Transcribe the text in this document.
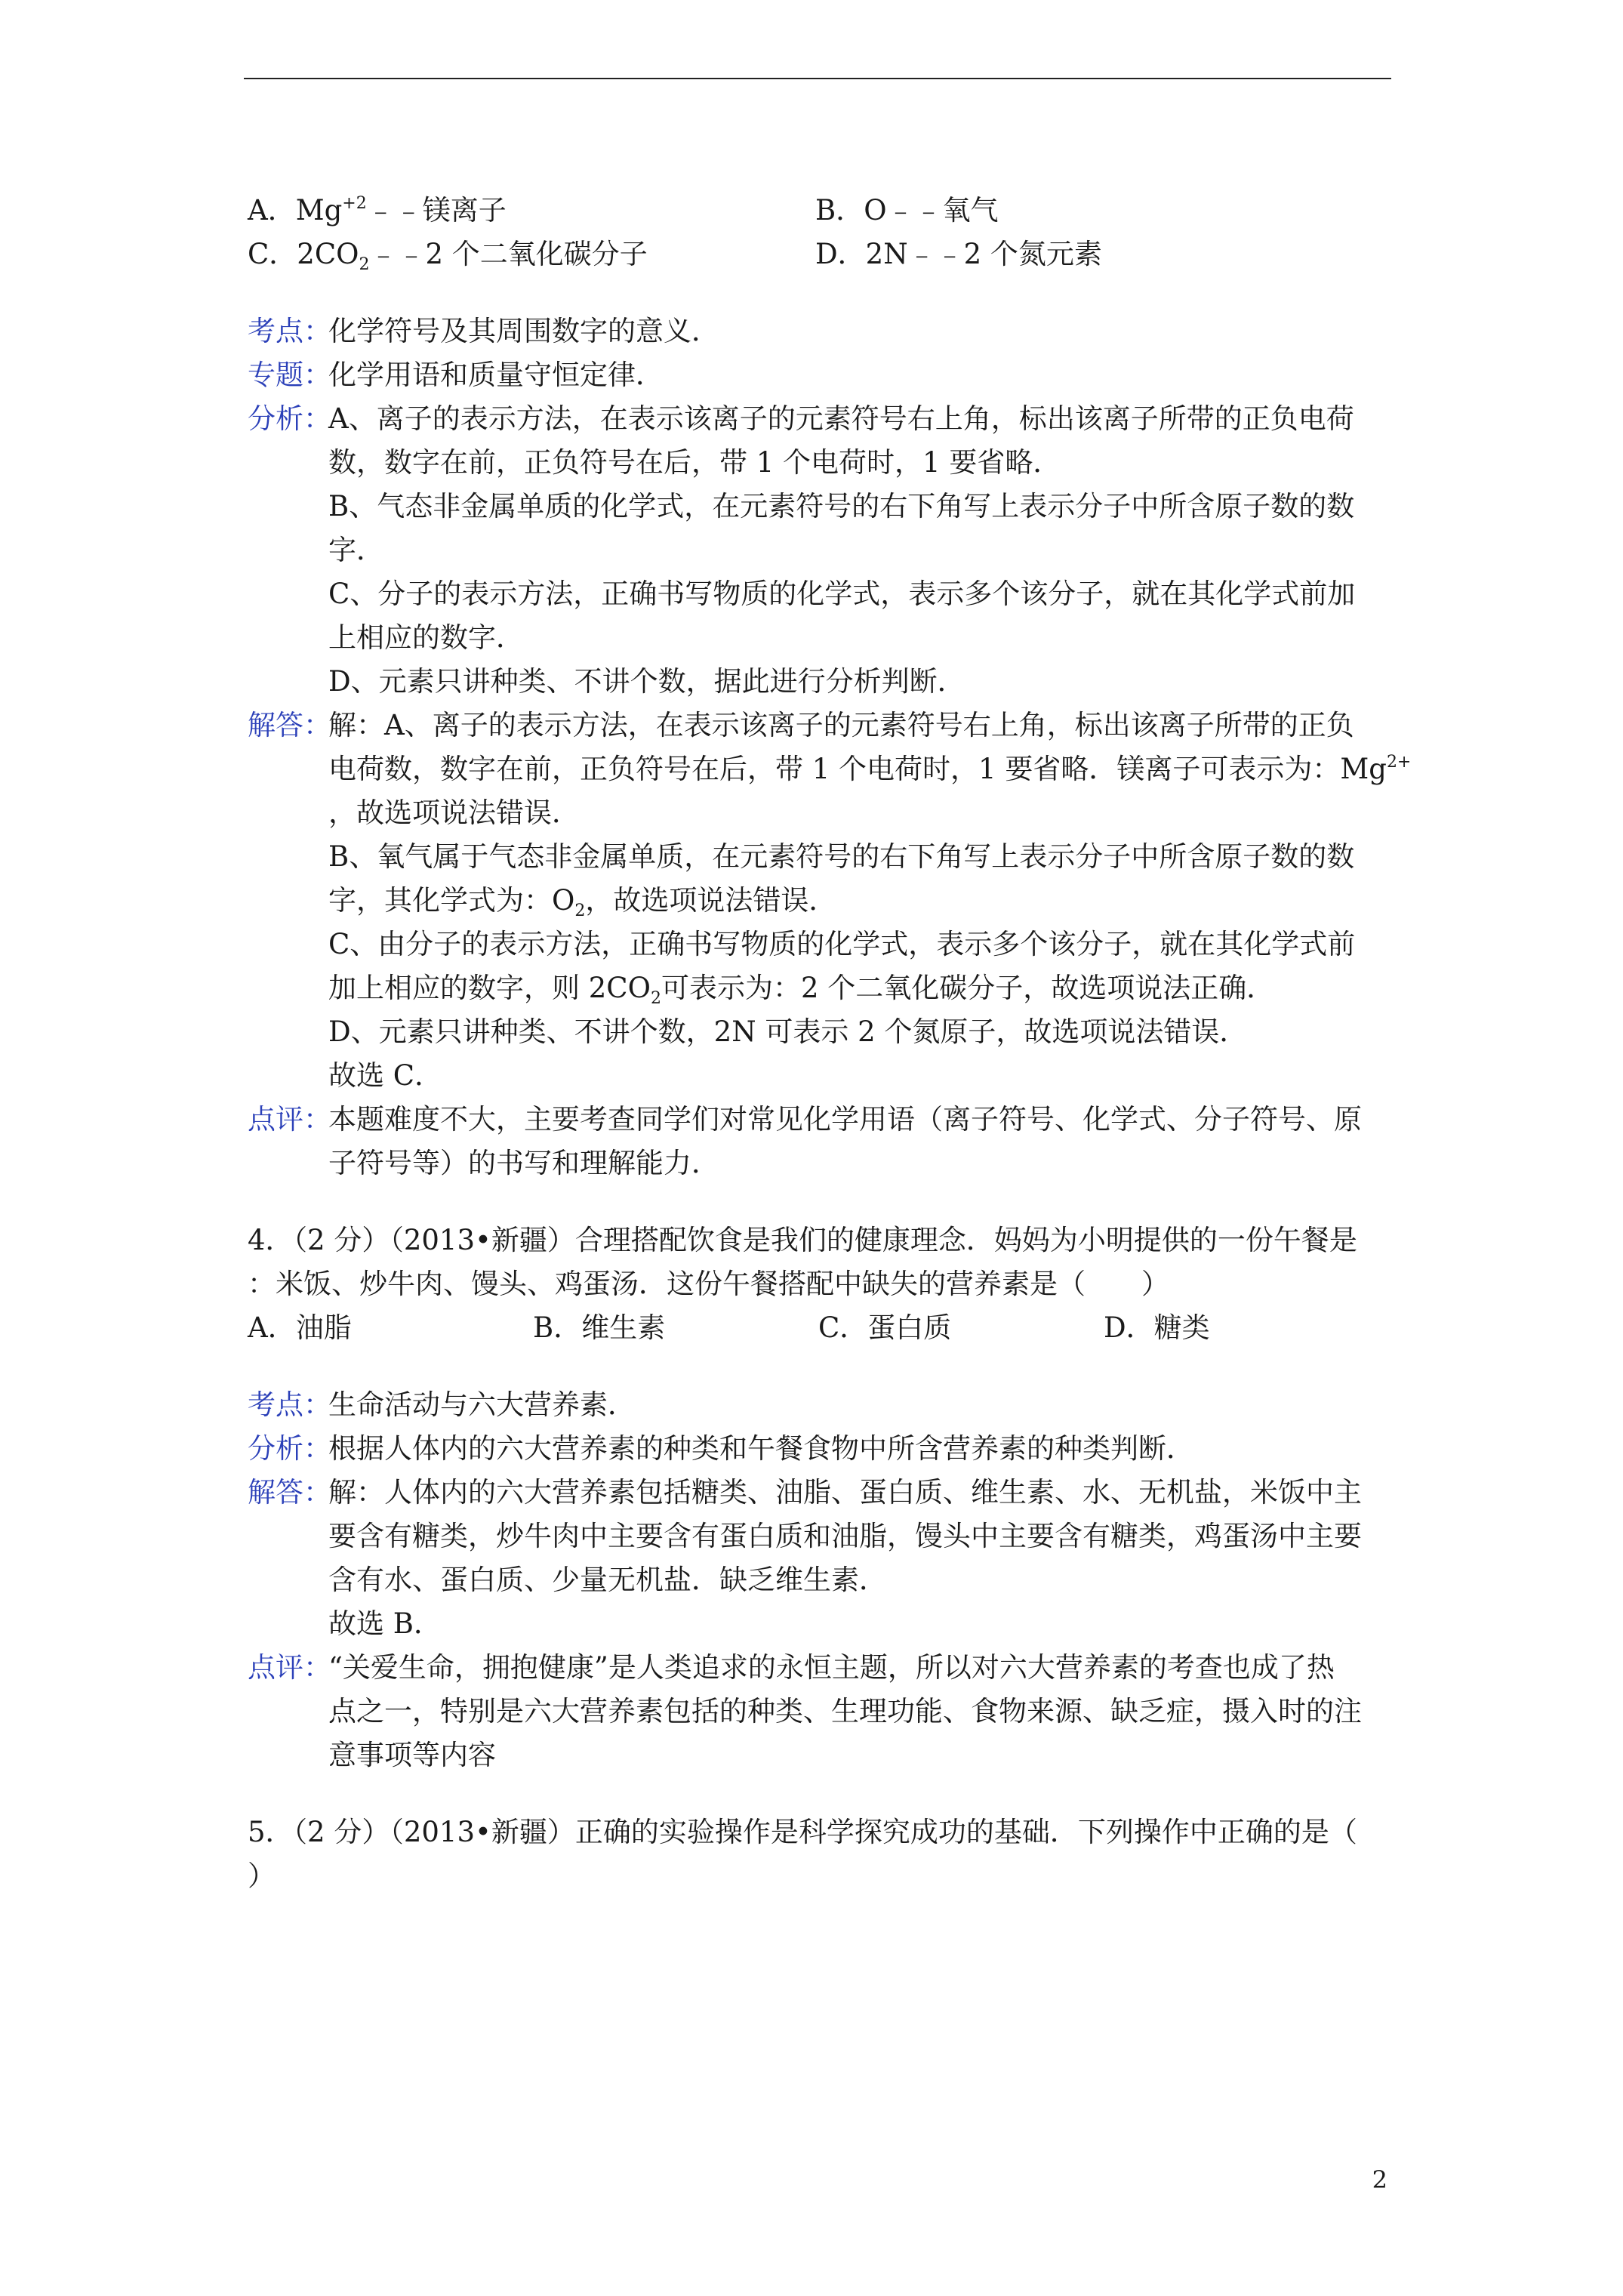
A．$Mg^{+2}﹣﹣$镁离子	B．O﹣﹣氧气
C．$2CO_2﹣﹣2$ 个二氧化碳分子	D．2N﹣﹣2 个氮元素
考点：化学符号及其周围数字的意义．
专题：化学用语和质量守恒定律．
分析：A、离子的表示方法，在表示该离子的元素符号右上角，标出该离子所带的正负电荷
数，数字在前，正负符号在后，带 1 个电荷时，1 要省略．
B、气态非金属单质的化学式，在元素符号的右下角写上表示分子中所含原子数的数
字．
C、分子的表示方法，正确书写物质的化学式，表示多个该分子，就在其化学式前加
上相应的数字．
D、元素只讲种类、不讲个数，据此进行分析判断．
解答：解：A、离子的表示方法，在表示该离子的元素符号右上角，标出该离子所带的正负
电荷数，数字在前，正负符号在后，带 1 个电荷时，1 要省略．镁离子可表示为：$Mg^{2+}$
，故选项说法错误．
B、氧气属于气态非金属单质，在元素符号的右下角写上表示分子中所含原子数的数
字，其化学式为：$O_2$，故选项说法错误．
C、由分子的表示方法，正确书写物质的化学式，表示多个该分子，就在其化学式前
加上相应的数字，则 $2CO_2$可表示为：2 个二氧化碳分子，故选项说法正确．
D、元素只讲种类、不讲个数，2N 可表示 2 个氮原子，故选项说法错误．
故选 C．
点评：本题难度不大，主要考查同学们对常见化学用语（离子符号、化学式、分子符号、原
子符号等）的书写和理解能力．
4．（2 分）（2013•新疆）合理搭配饮食是我们的健康理念．妈妈为小明提供的一份午餐是
：米饭、炒牛肉、馒头、鸡蛋汤．这份午餐搭配中缺失的营养素是（　　）
A．油脂	B．维生素	C．蛋白质	D．糖类
考点：生命活动与六大营养素．
分析：根据人体内的六大营养素的种类和午餐食物中所含营养素的种类判断．
解答：解：人体内的六大营养素包括糖类、油脂、蛋白质、维生素、水、无机盐，米饭中主
要含有糖类，炒牛肉中主要含有蛋白质和油脂，馒头中主要含有糖类，鸡蛋汤中主要
含有水、蛋白质、少量无机盐．缺乏维生素．
故选 B．
点评：“关爱生命，拥抱健康”是人类追求的永恒主题，所以对六大营养素的考查也成了热
点之一，特别是六大营养素包括的种类、生理功能、食物来源、缺乏症，摄入时的注
意事项等内容
5．（2 分）（2013•新疆）正确的实验操作是科学探究成功的基础．下列操作中正确的是（
）
2
